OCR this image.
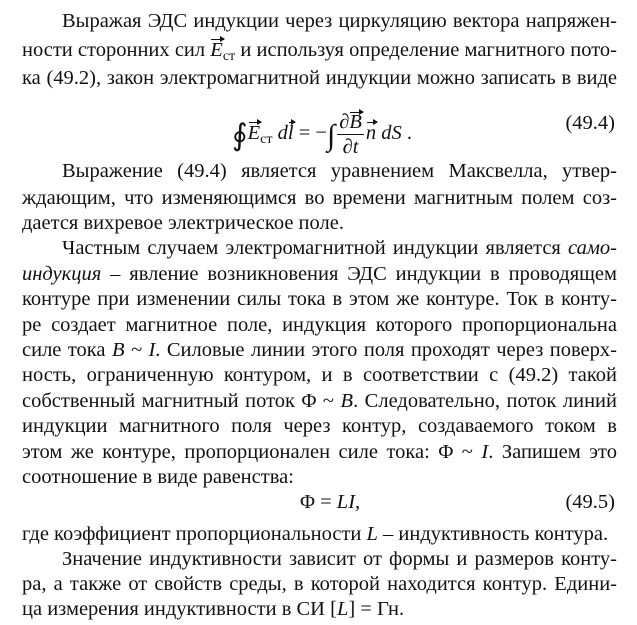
Выражая ЭДС индукции через циркуляцию вектора напряжен-
ности сторонних сил $E_{ст}$ и используя определение магнитного пото-
ка (49.2), закон электромагнитной индукции можно записать в виде
$∮E_{ст}$ dl = −∫ $\frac{\partial B}{\partial t}$ n dS .	(49.4)
Выражение (49.4) является уравнением Максвелла, утвер-
ждающим, что изменяющимся во времени магнитным полем соз-
дается вихревое электрическое поле.
Частным случаем электромагнитной индукции является само-
индукция – явление возникновения ЭДС индукции в проводящем
контуре при изменении силы тока в этом же контуре. Ток в конту-
ре создает магнитное поле, индукция которого пропорциональна
силе тока B ~ I. Силовые линии этого поля проходят через поверх-
ность, ограниченную контуром, и в соответствии с (49.2) такой
собственный магнитный поток Φ ~ B. Следовательно, поток линий
индукции магнитного поля через контур, создаваемого током в
этом же контуре, пропорционален силе тока: Φ ~ I. Запишем это
соотношение в виде равенства:
Φ = LI,	(49.5)
где коэффициент пропорциональности L – индуктивность контура.
Значение индуктивности зависит от формы и размеров конту-
ра, а также от свойств среды, в которой находится контур. Едини-
ца измерения индуктивности в СИ [L] = Гн.
